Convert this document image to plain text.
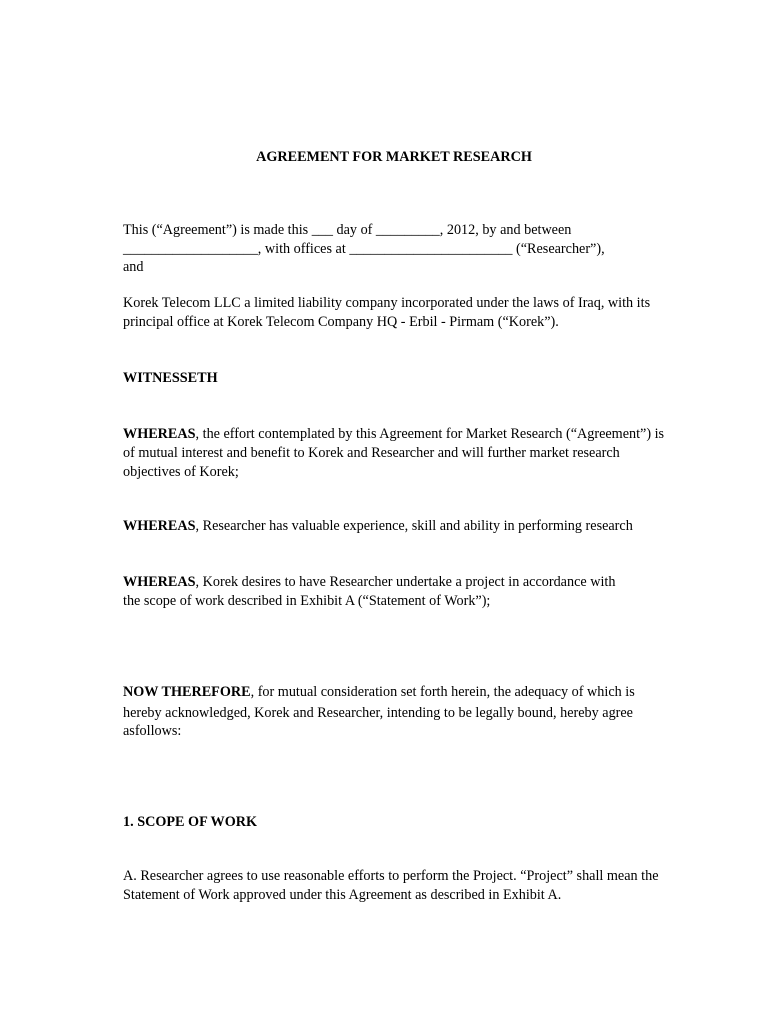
AGREEMENT FOR MARKET RESEARCH
This (“Agreement”) is made this ___ day of _________, 2012, by and between
___________________, with offices at _______________________ (“Researcher”),
and
Korek Telecom LLC a limited liability company incorporated under the laws of Iraq, with its
principal office at Korek Telecom Company HQ - Erbil - Pirmam (“Korek”).
WITNESSETH
WHEREAS, the effort contemplated by this Agreement for Market Research (“Agreement”) is
of mutual interest and benefit to Korek and Researcher and will further market research
objectives of Korek;
WHEREAS, Researcher has valuable experience, skill and ability in performing research
WHEREAS, Korek desires to have Researcher undertake a project in accordance with
the scope of work described in Exhibit A (“Statement of Work”);
NOW THEREFORE, for mutual consideration set forth herein, the adequacy of which is
hereby acknowledged, Korek and Researcher, intending to be legally bound, hereby agree
asfollows:
1. SCOPE OF WORK
A. Researcher agrees to use reasonable efforts to perform the Project. “Project” shall mean the
Statement of Work approved under this Agreement as described in Exhibit A.
